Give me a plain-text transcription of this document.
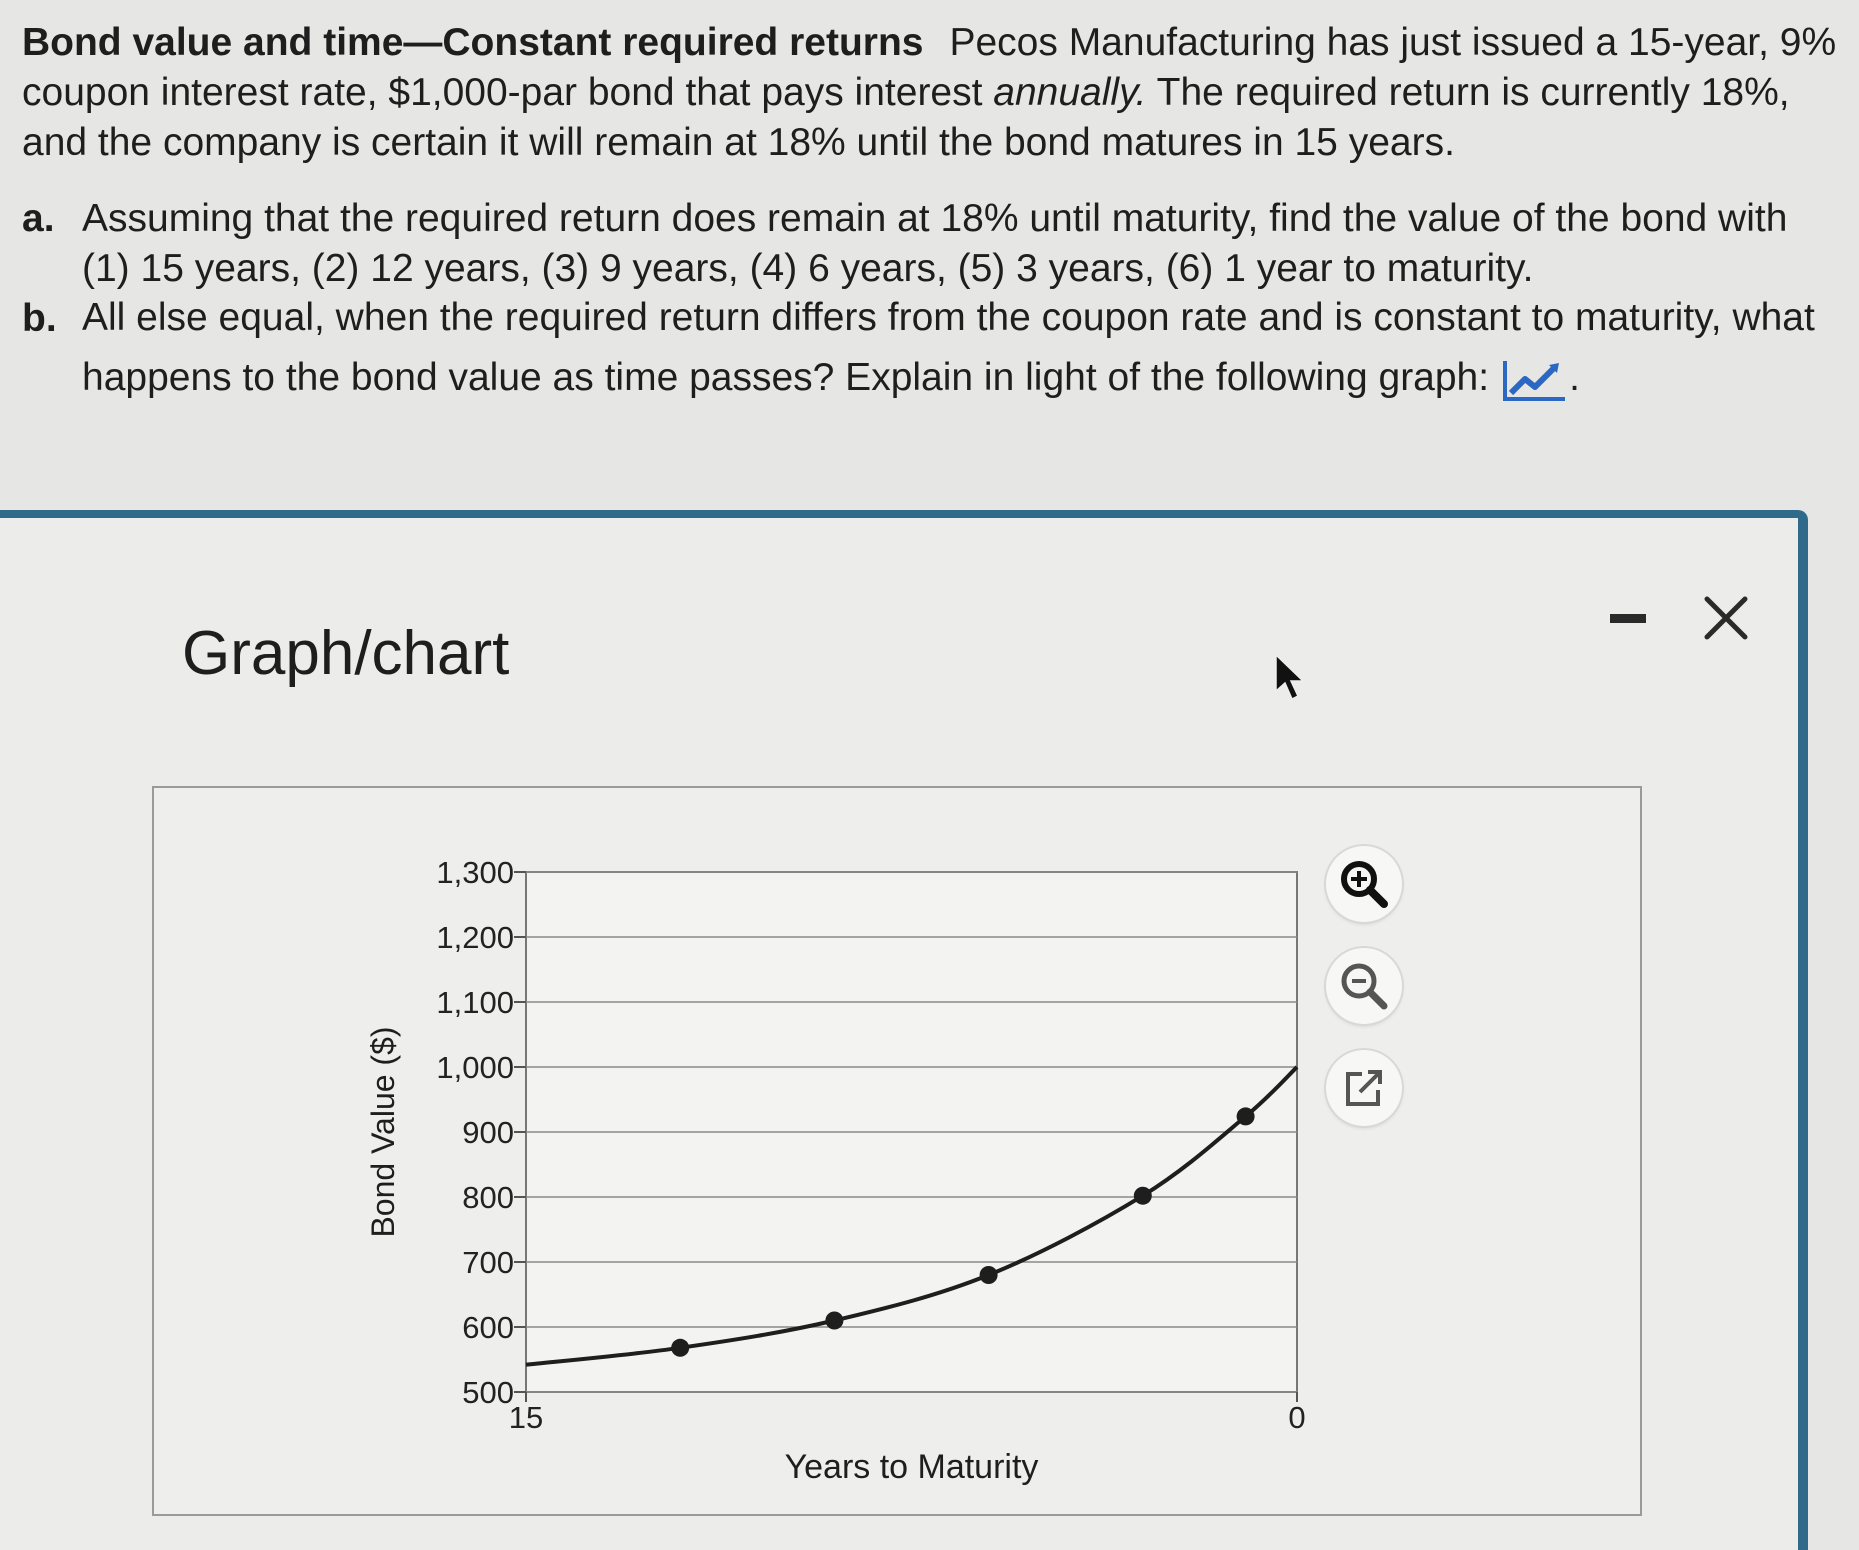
Bond value and time—Constant required returns Pecos Manufacturing has just issued a 15-year, 9% coupon interest rate, $1,000-par bond that pays interest annually. The required return is currently 18%, and the company is certain it will remain at 18% until the bond matures in 15 years.

a. Assuming that the required return does remain at 18% until maturity, find the value of the bond with (1) 15 years, (2) 12 years, (3) 9 years, (4) 6 years, (5) 3 years, (6) 1 year to maturity.
b. All else equal, when the required return differs from the coupon rate and is constant to maturity, what happens to the bond value as time passes? Explain in light of the following graph: .
Graph/chart
500
600
700
800
900
1,000
1,100
1,200
1,300
15	0
Bond Value ($)
Years to Maturity
